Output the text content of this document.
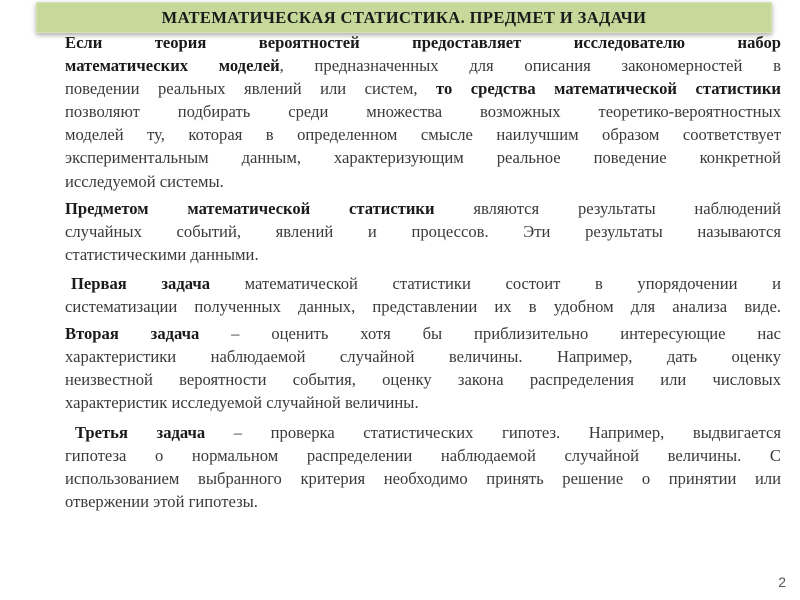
МАТЕМАТИЧЕСКАЯ СТАТИСТИКА. ПРЕДМЕТ И ЗАДАЧИ
Если теория вероятностей предоставляет исследователю набор
математических моделей, предназначенных для описания закономерностей в
поведении реальных явлений или систем, то средства математической статистики
позволяют подбирать среди множества возможных теоретико-вероятностных
моделей ту, которая в определенном смысле наилучшим образом соответствует
экспериментальным данным, характеризующим реальное поведение конкретной
исследуемой системы.
Предметом математической статистики являются результаты наблюдений
случайных событий, явлений и процессов. Эти результаты называются
статистическими данными.
Первая задача математической статистики состоит в упорядочении и
систематизации полученных данных, представлении их в удобном для анализа виде.
Вторая задача – оценить хотя бы приблизительно интересующие нас
характеристики наблюдаемой случайной величины. Например, дать оценку
неизвестной вероятности события, оценку закона распределения или числовых
характеристик исследуемой случайной величины.
Третья задача – проверка статистических гипотез. Например, выдвигается
гипотеза о нормальном распределении наблюдаемой случайной величины. С
использованием выбранного критерия необходимо принять решение о принятии или
отвержении этой гипотезы.
2
